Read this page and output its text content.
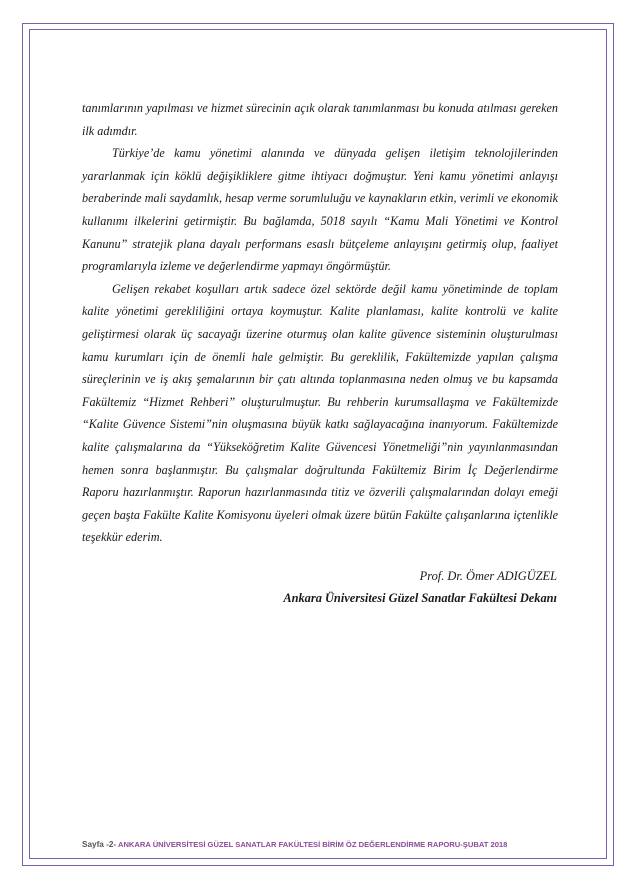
tanımlarının yapılması ve hizmet sürecinin açık olarak tanımlanması bu konuda atılması gereken ilk adımdır.

Türkiye’de kamu yönetimi alanında ve dünyada gelişen iletişim teknolojilerinden yararlanmak için köklü değişikliklere gitme ihtiyacı doğmuştur. Yeni kamu yönetimi anlayışı beraberinde mali saydamlık, hesap verme sorumluluğu ve kaynakların etkin, verimli ve ekonomik kullanımı ilkelerini getirmiştir. Bu bağlamda, 5018 sayılı “Kamu Mali Yönetimi ve Kontrol Kanunu” stratejik plana dayalı performans esaslı bütçeleme anlayışını getirmiş olup, faaliyet programlarıyla izleme ve değerlendirme yapmayı öngörmüştür.

Gelişen rekabet koşulları artık sadece özel sektörde değil kamu yönetiminde de toplam kalite yönetimi gerekliliğini ortaya koymuştur. Kalite planlaması, kalite kontrolü ve kalite geliştirmesi olarak üç sacayağı üzerine oturmuş olan kalite güvence sisteminin oluşturulması kamu kurumları için de önemli hale gelmiştir. Bu gereklilik, Fakültemizde yapılan çalışma süreçlerinin ve iş akış şemalarının bir çatı altında toplanmasına neden olmuş ve bu kapsamda Fakültemiz “Hizmet Rehberi” oluşturulmuştur. Bu rehberin kurumsallaşma ve Fakültemizde “Kalite Güvence Sistemi”nin oluşmasına büyük katkı sağlayacağına inanıyorum. Fakültemizde kalite çalışmalarına da “Yükseköğretim Kalite Güvencesi Yönetmeliği”nin yayınlanmasından hemen sonra başlanmıştır. Bu çalışmalar doğrultunda Fakültemiz Birim İç Değerlendirme Raporu hazırlanmıştır. Raporun hazırlanmasında titiz ve özverili çalışmalarından dolayı emeği geçen başta Fakülte Kalite Komisyonu üyeleri olmak üzere bütün Fakülte çalışanlarına içtenlikle teşekkür ederim.

Prof. Dr. Ömer ADIGÜZEL
Ankara Üniversitesi Güzel Sanatlar Fakültesi Dekanı
Sayfa -2- ANKARA ÜNİVERSİTESİ GÜZEL SANATLAR FAKÜLTESİ BİRİM ÖZ DEĞERLENDİRME RAPORU-ŞUBAT 2018
